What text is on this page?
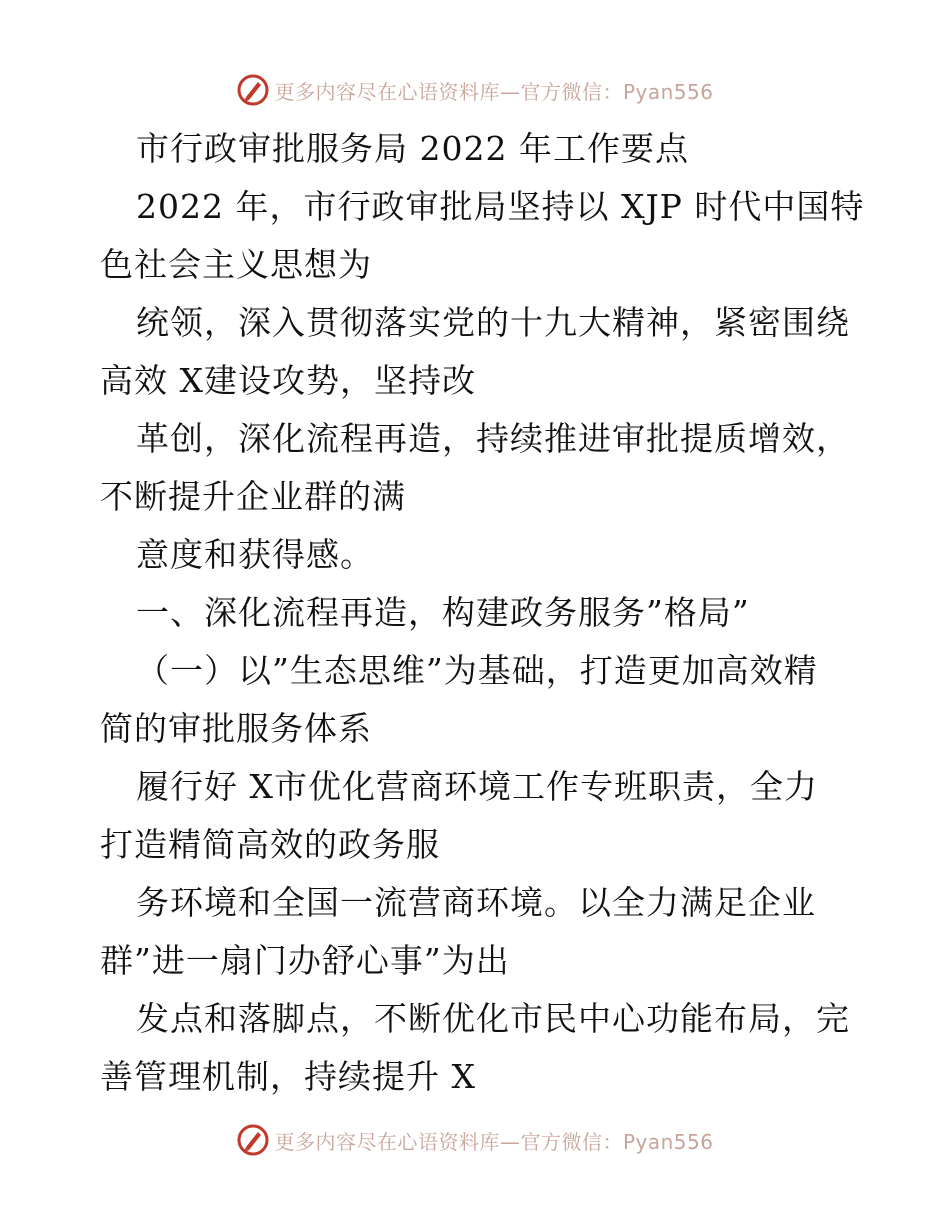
更多内容尽在心语资料库—官方微信：Pyan556
市行政审批服务局 2022 年工作要点
2022 年，市行政审批局坚持以 XJP 时代中国特
色社会主义思想为
统领，深入贯彻落实党的十九大精神，紧密围绕
高效 X建设攻势，坚持改
革创，深化流程再造，持续推进审批提质增效，
不断提升企业群的满
意度和获得感。
一、深化流程再造，构建政务服务”格局”
（一）以”生态思维”为基础，打造更加高效精
简的审批服务体系
履行好 X市优化营商环境工作专班职责，全力
打造精简高效的政务服
务环境和全国一流营商环境。以全力满足企业
群”进一扇门办舒心事”为出
发点和落脚点，不断优化市民中心功能布局，完
善管理机制，持续提升 X
更多内容尽在心语资料库—官方微信：Pyan556
